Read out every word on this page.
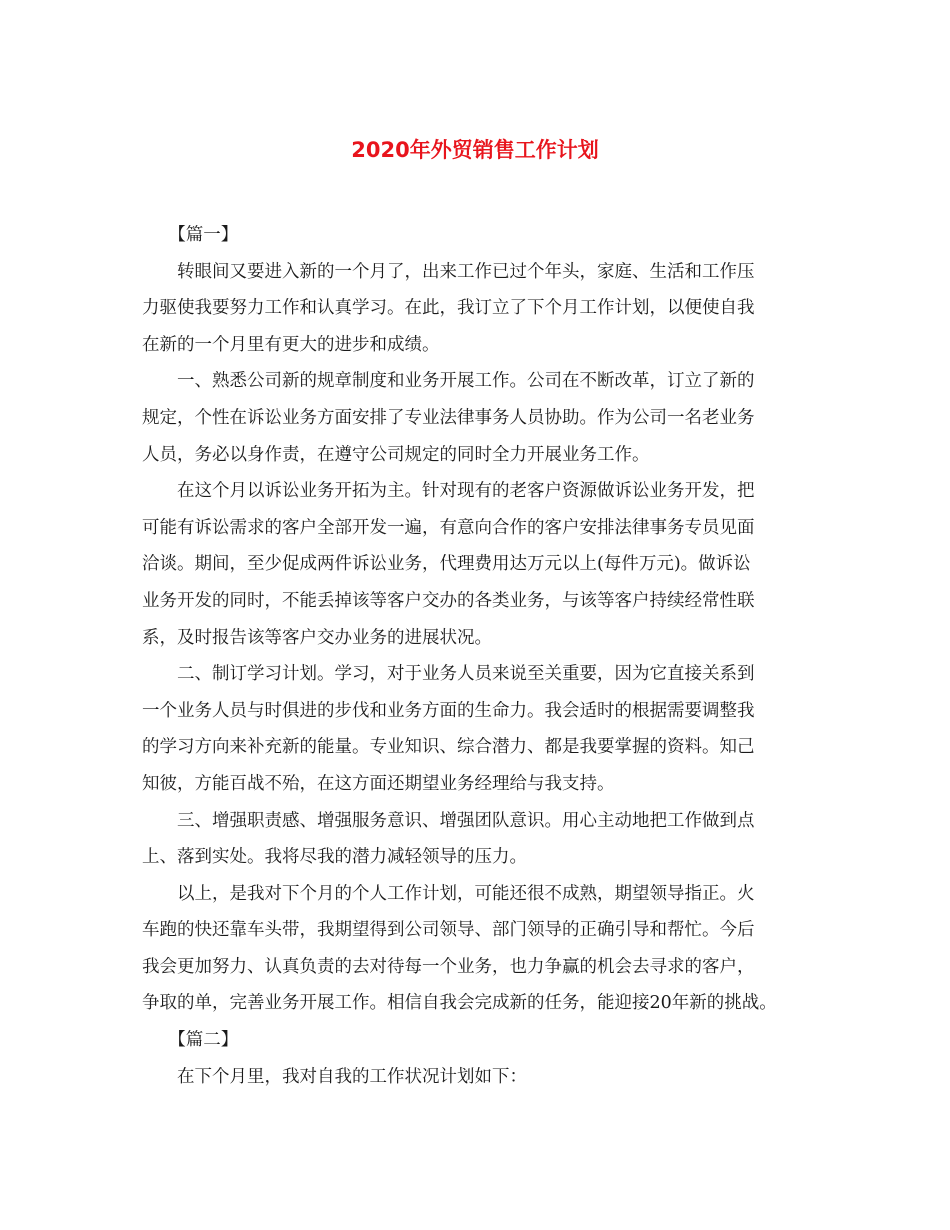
2020年外贸销售工作计划

【篇一】

转眼间又要进入新的一个月了，出来工作已过个年头，家庭、生活和工作压
力驱使我要努力工作和认真学习。在此，我订立了下个月工作计划，以便使自我
在新的一个月里有更大的进步和成绩。

一、熟悉公司新的规章制度和业务开展工作。公司在不断改革，订立了新的
规定，个性在诉讼业务方面安排了专业法律事务人员协助。作为公司一名老业务
人员，务必以身作责，在遵守公司规定的同时全力开展业务工作。

在这个月以诉讼业务开拓为主。针对现有的老客户资源做诉讼业务开发，把
可能有诉讼需求的客户全部开发一遍，有意向合作的客户安排法律事务专员见面
洽谈。期间，至少促成两件诉讼业务，代理费用达万元以上(每件万元)。做诉讼
业务开发的同时，不能丢掉该等客户交办的各类业务，与该等客户持续经常性联
系，及时报告该等客户交办业务的进展状况。

二、制订学习计划。学习，对于业务人员来说至关重要，因为它直接关系到
一个业务人员与时俱进的步伐和业务方面的生命力。我会适时的根据需要调整我
的学习方向来补充新的能量。专业知识、综合潜力、都是我要掌握的资料。知己
知彼，方能百战不殆，在这方面还期望业务经理给与我支持。

三、增强职责感、增强服务意识、增强团队意识。用心主动地把工作做到点
上、落到实处。我将尽我的潜力减轻领导的压力。

以上，是我对下个月的个人工作计划，可能还很不成熟，期望领导指正。火
车跑的快还靠车头带，我期望得到公司领导、部门领导的正确引导和帮忙。今后
我会更加努力、认真负责的去对待每一个业务，也力争赢的机会去寻求的客户，
争取的单，完善业务开展工作。相信自我会完成新的任务，能迎接20年新的挑战。

【篇二】

在下个月里，我对自我的工作状况计划如下：
